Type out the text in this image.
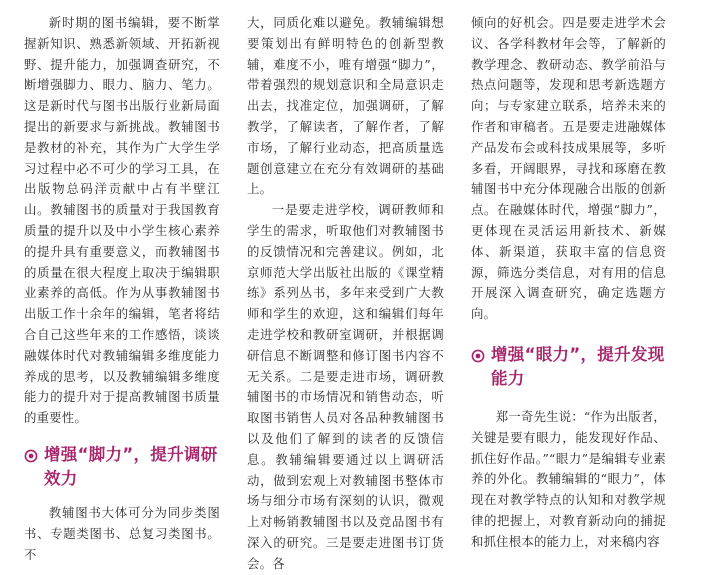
新时期的图书编辑，要不断掌握新知识、熟悉新领域、开拓新视野、提升能力，加强调查研究，不断增强脚力、眼力、脑力、笔力。这是新时代与图书出版行业新局面提出的新要求与新挑战。教辅图书是教材的补充，其作为广大学生学习过程中必不可少的学习工具，在出版物总码洋贡献中占有半壁江山。教辅图书的质量对于我国教育质量的提升以及中小学生核心素养的提升具有重要意义，而教辅图书的质量在很大程度上取决于编辑职业素养的高低。作为从事教辅图书出版工作十余年的编辑，笔者将结合自己这些年来的工作感悟，谈谈融媒体时代对教辅编辑多维度能力养成的思考，以及教辅编辑多维度能力的提升对于提高教辅图书质量的重要性。

增强“脚力”，提升调研效力

教辅图书大体可分为同步类图书、专题类图书、总复习类图书。不

大，同质化难以避免。教辅编辑想要策划出有鲜明特色的创新型教辅，难度不小，唯有增强“脚力”，带着强烈的规划意识和全局意识走出去，找准定位，加强调研，了解教学，了解读者，了解作者，了解市场，了解行业动态，把高质量选题创意建立在充分有效调研的基础上。

一是要走进学校，调研教师和学生的需求，听取他们对教辅图书的反馈情况和完善建议。例如，北京师范大学出版社出版的《课堂精练》系列丛书，多年来受到广大教师和学生的欢迎，这和编辑们每年走进学校和教研室调研，并根据调研信息不断调整和修订图书内容不无关系。二是要走进市场，调研教辅图书的市场情况和销售动态，听取图书销售人员对各品种教辅图书以及他们了解到的读者的反馈信息。教辅编辑要通过以上调研活动，做到宏观上对教辅图书整体市场与细分市场有深刻的认识，微观上对畅销教辅图书以及竞品图书有深入的研究。三是要走进图书订货会。各

倾向的好机会。四是要走进学术会议、各学科教材年会等，了解新的教学理念、教研动态、教学前沿与热点问题等，发现和思考新选题方向；与专家建立联系，培养未来的作者和审稿者。五是要走进融媒体产品发布会或科技成果展等，多听多看，开阔眼界，寻找和琢磨在教辅图书中充分体现融合出版的创新点。在融媒体时代，增强“脚力”，更体现在灵活运用新技术、新媒体、新渠道，获取丰富的信息资源，筛选分类信息，对有用的信息开展深入调查研究，确定选题方向。

增强“眼力”，提升发现能力

郑一奇先生说：“作为出版者，关键是要有眼力，能发现好作品、抓住好作品。”“眼力”是编辑专业素养的外化。教辅编辑的“眼力”，体现在对教学特点的认知和对教学规律的把握上，对教育新动向的捕捉和抓住根本的能力上，对来稿内容
